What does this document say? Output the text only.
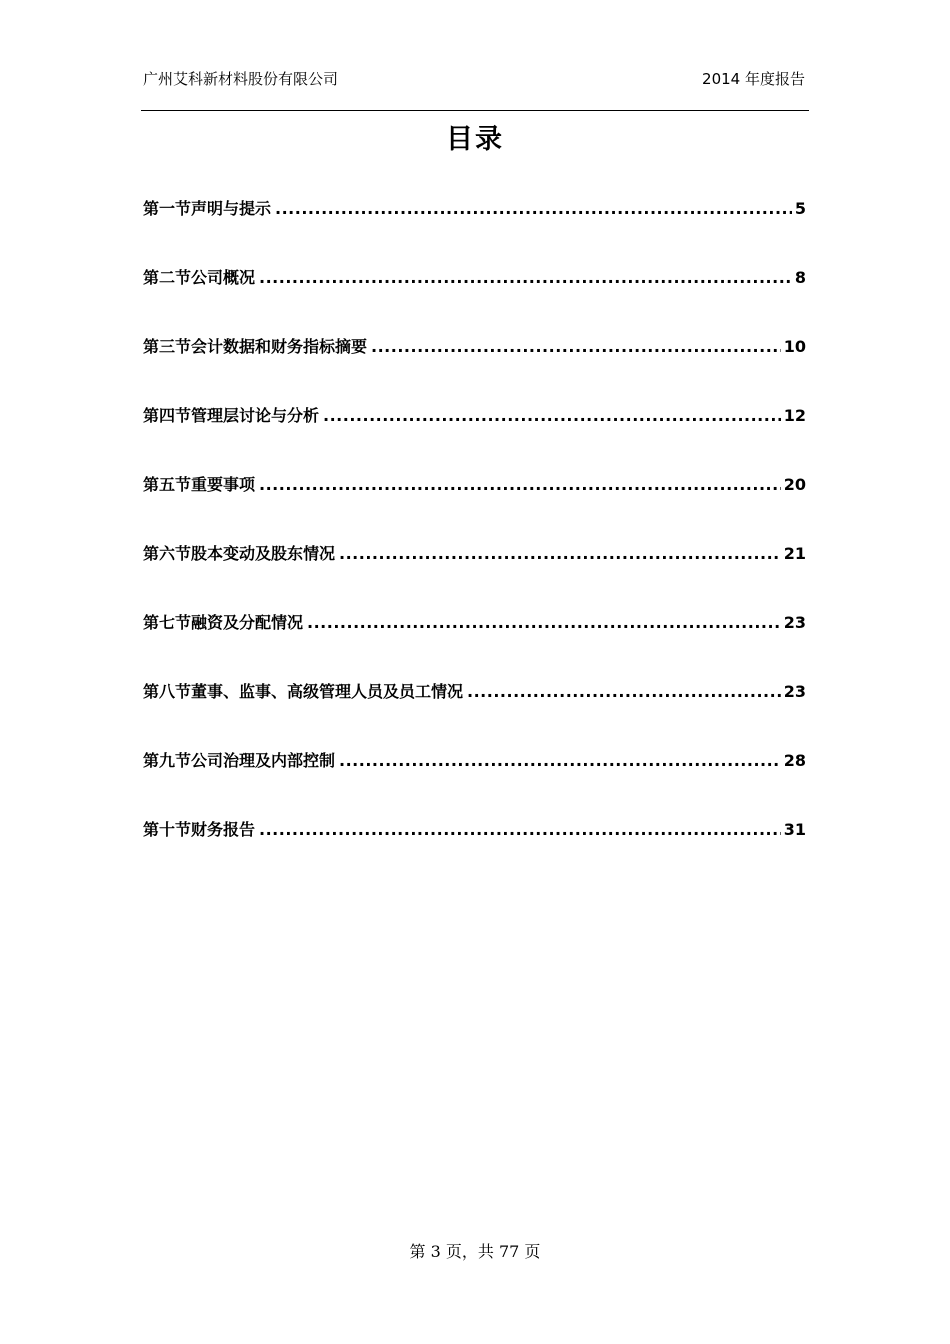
广州艾科新材料股份有限公司	2014 年度报告
目录
第一节声明与提示 .....	5
第二节公司概况 .....	8
第三节会计数据和财务指标摘要 .....	10
第四节管理层讨论与分析 .....	12
第五节重要事项 .....	20
第六节股本变动及股东情况 .....	21
第七节融资及分配情况 .....	23
第八节董事、监事、高级管理人员及员工情况 .....	23
第九节公司治理及内部控制 .....	28
第十节财务报告 .....	31
第 3 页，共 77 页
